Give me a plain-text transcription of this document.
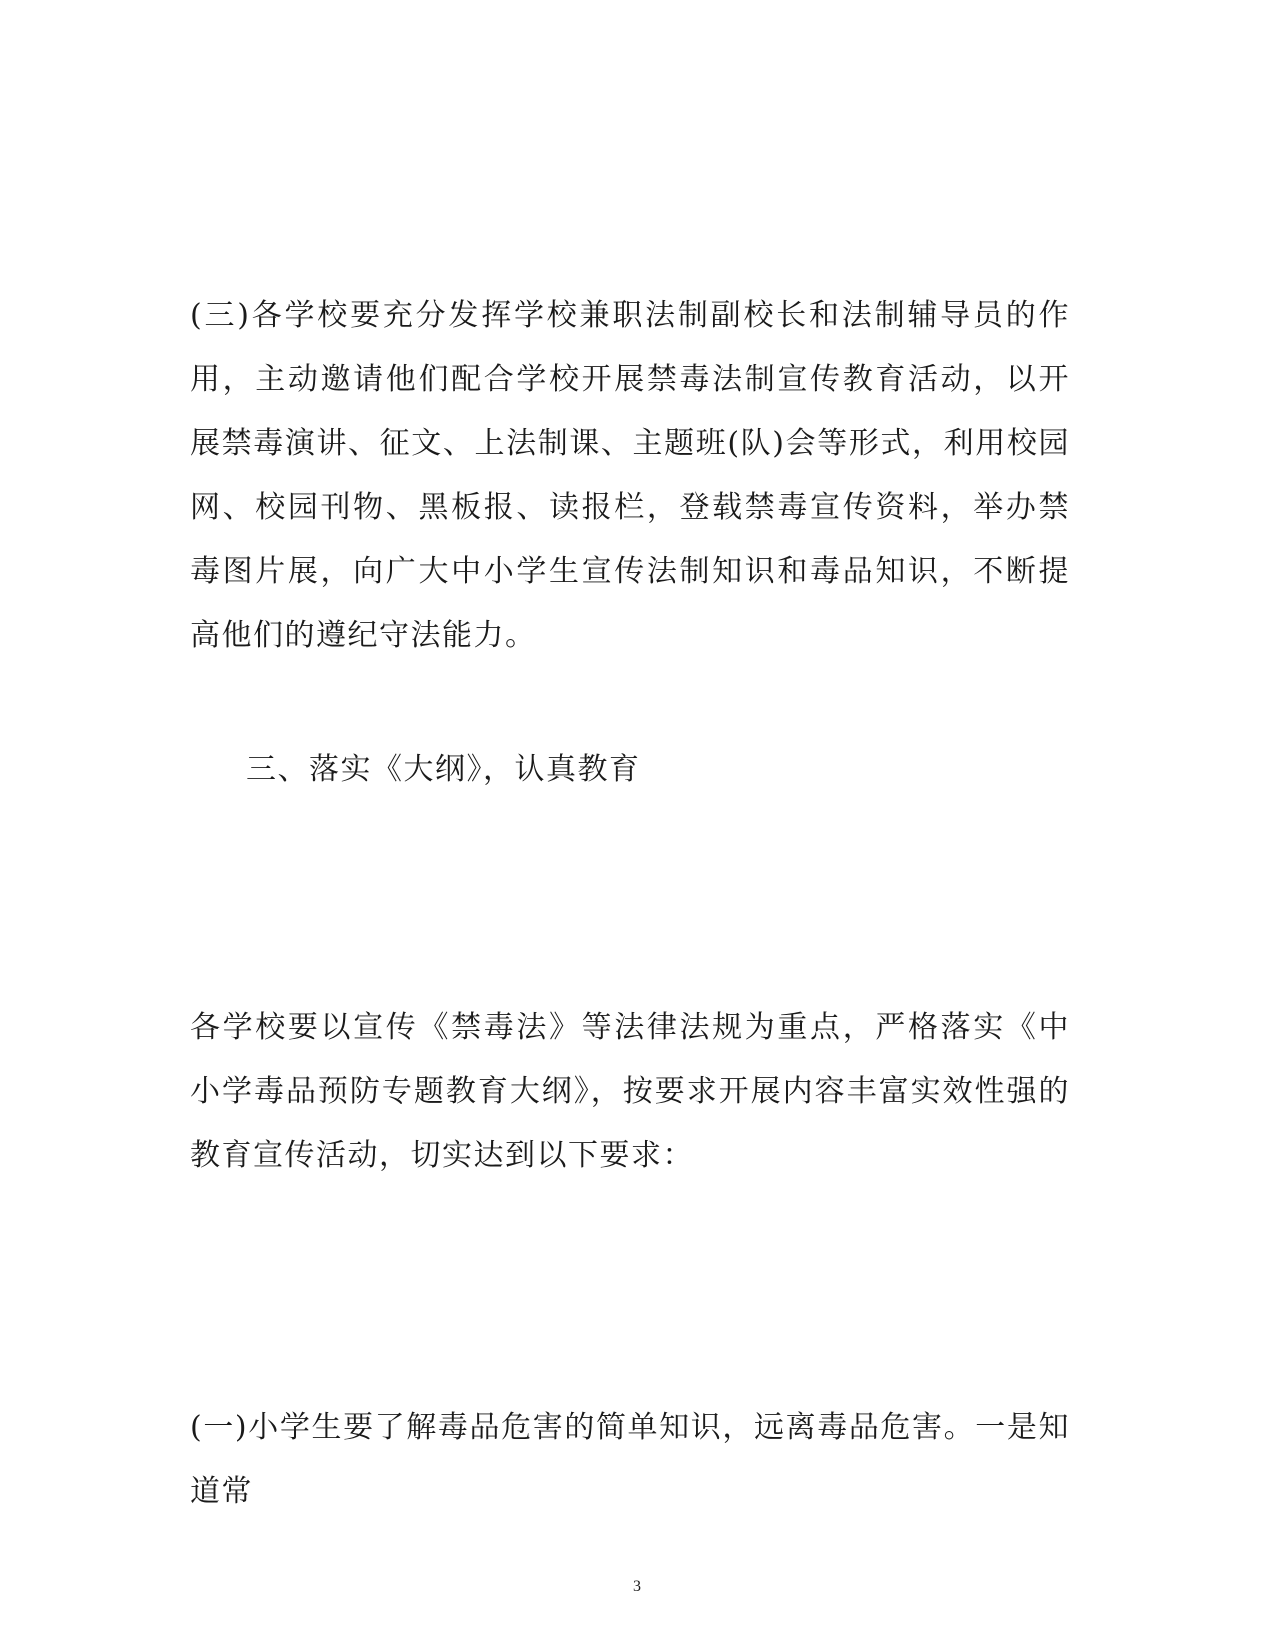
(三)各学校要充分发挥学校兼职法制副校长和法制辅导员的作用，主动邀请他们配合学校开展禁毒法制宣传教育活动，以开展禁毒演讲、征文、上法制课、主题班(队)会等形式，利用校园网、校园刊物、黑板报、读报栏，登载禁毒宣传资料，举办禁毒图片展，向广大中小学生宣传法制知识和毒品知识，不断提高他们的遵纪守法能力。

三、落实《大纲》，认真教育

各学校要以宣传《禁毒法》等法律法规为重点，严格落实《中小学毒品预防专题教育大纲》，按要求开展内容丰富实效性强的教育宣传活动，切实达到以下要求：

(一)小学生要了解毒品危害的简单知识，远离毒品危害。一是知道常

3
